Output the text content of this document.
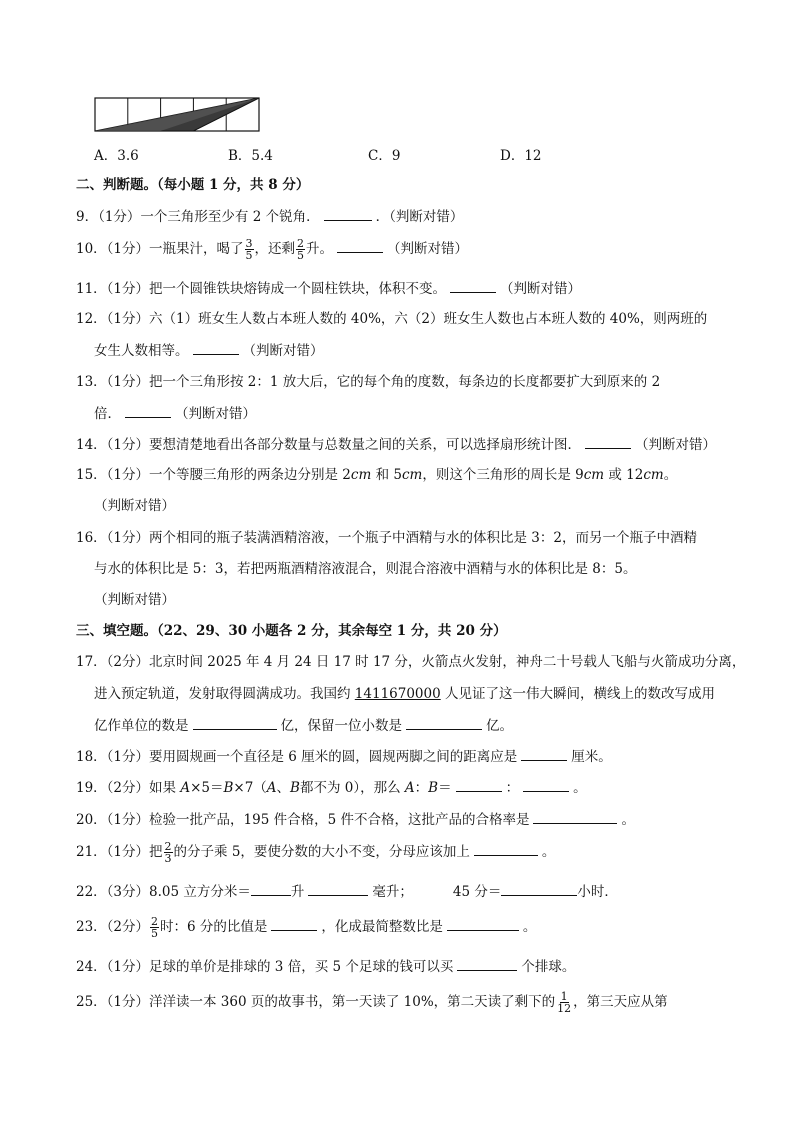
A．3.6	B．5.4	C．9	D．12
二、判断题。（每小题 1 分，共 8 分）
9．（1分）一个三角形至少有 2 个锐角．	．（判断对错）
10．（1分）一瓶果汁，喝了 $\frac{3}{5}$ ，还剩 $\frac{2}{5}$ 升。	（判断对错）
11．（1分）把一个圆锥铁块熔铸成一个圆柱铁块，体积不变。	（判断对错）
12．（1分）六（1）班女生人数占本班人数的 40%，六（2）班女生人数也占本班人数的 40%，则两班的
女生人数相等。	（判断对错）
13．（1分）把一个三角形按 2：1 放大后，它的每个角的度数，每条边的长度都要扩大到原来的 2
倍．	（判断对错）
14．（1分）要想清楚地看出各部分数量与总数量之间的关系，可以选择扇形统计图．	（判断对错）
15．（1分）一个等腰三角形的两条边分别是 2cm 和 5cm，则这个三角形的周长是 9cm 或 12cm。
（判断对错）
16．（1分）两个相同的瓶子装满酒精溶液，一个瓶子中酒精与水的体积比是 3：2，而另一个瓶子中酒精
与水的体积比是 5：3，若把两瓶酒精溶液混合，则混合溶液中酒精与水的体积比是 8：5。
（判断对错）
三、填空题。（22、29、30 小题各 2 分，其余每空 1 分，共 20 分）
17．（2分）北京时间 2025 年 4 月 24 日 17 时 17 分，火箭点火发射，神舟二十号载人飞船与火箭成功分离，
进入预定轨道，发射取得圆满成功。我国约 1411670000 人见证了这一伟大瞬间，横线上的数改写成用
亿作单位的数是	亿，保留一位小数是	亿。
18．（1分）要用圆规画一个直径是 6 厘米的圆，圆规两脚之间的距离应是	厘米。
19．（2分）如果 A×5＝B×7（A、B都不为 0），那么 A：B＝	：	。
20．（1分）检验一批产品，195 件合格，5 件不合格，这批产品的合格率是	。
21．（1分）把 $\frac{2}{3}$ 的分子乘 5，要使分数的大小不变，分母应该加上	。
22．（3分）8.05 立方分米＝	升	毫升；	45 分＝	小时．
23．（2分） $\frac{2}{5}$ 时：6 分的比值是	，化成最简整数比是	。
24．（1分）足球的单价是排球的 3 倍，买 5 个足球的钱可以买	个排球。
25．（1分）洋洋读一本 360 页的故事书，第一天读了 10%，第二天读了剩下的 $\frac{1}{12}$ ，第三天应从第
